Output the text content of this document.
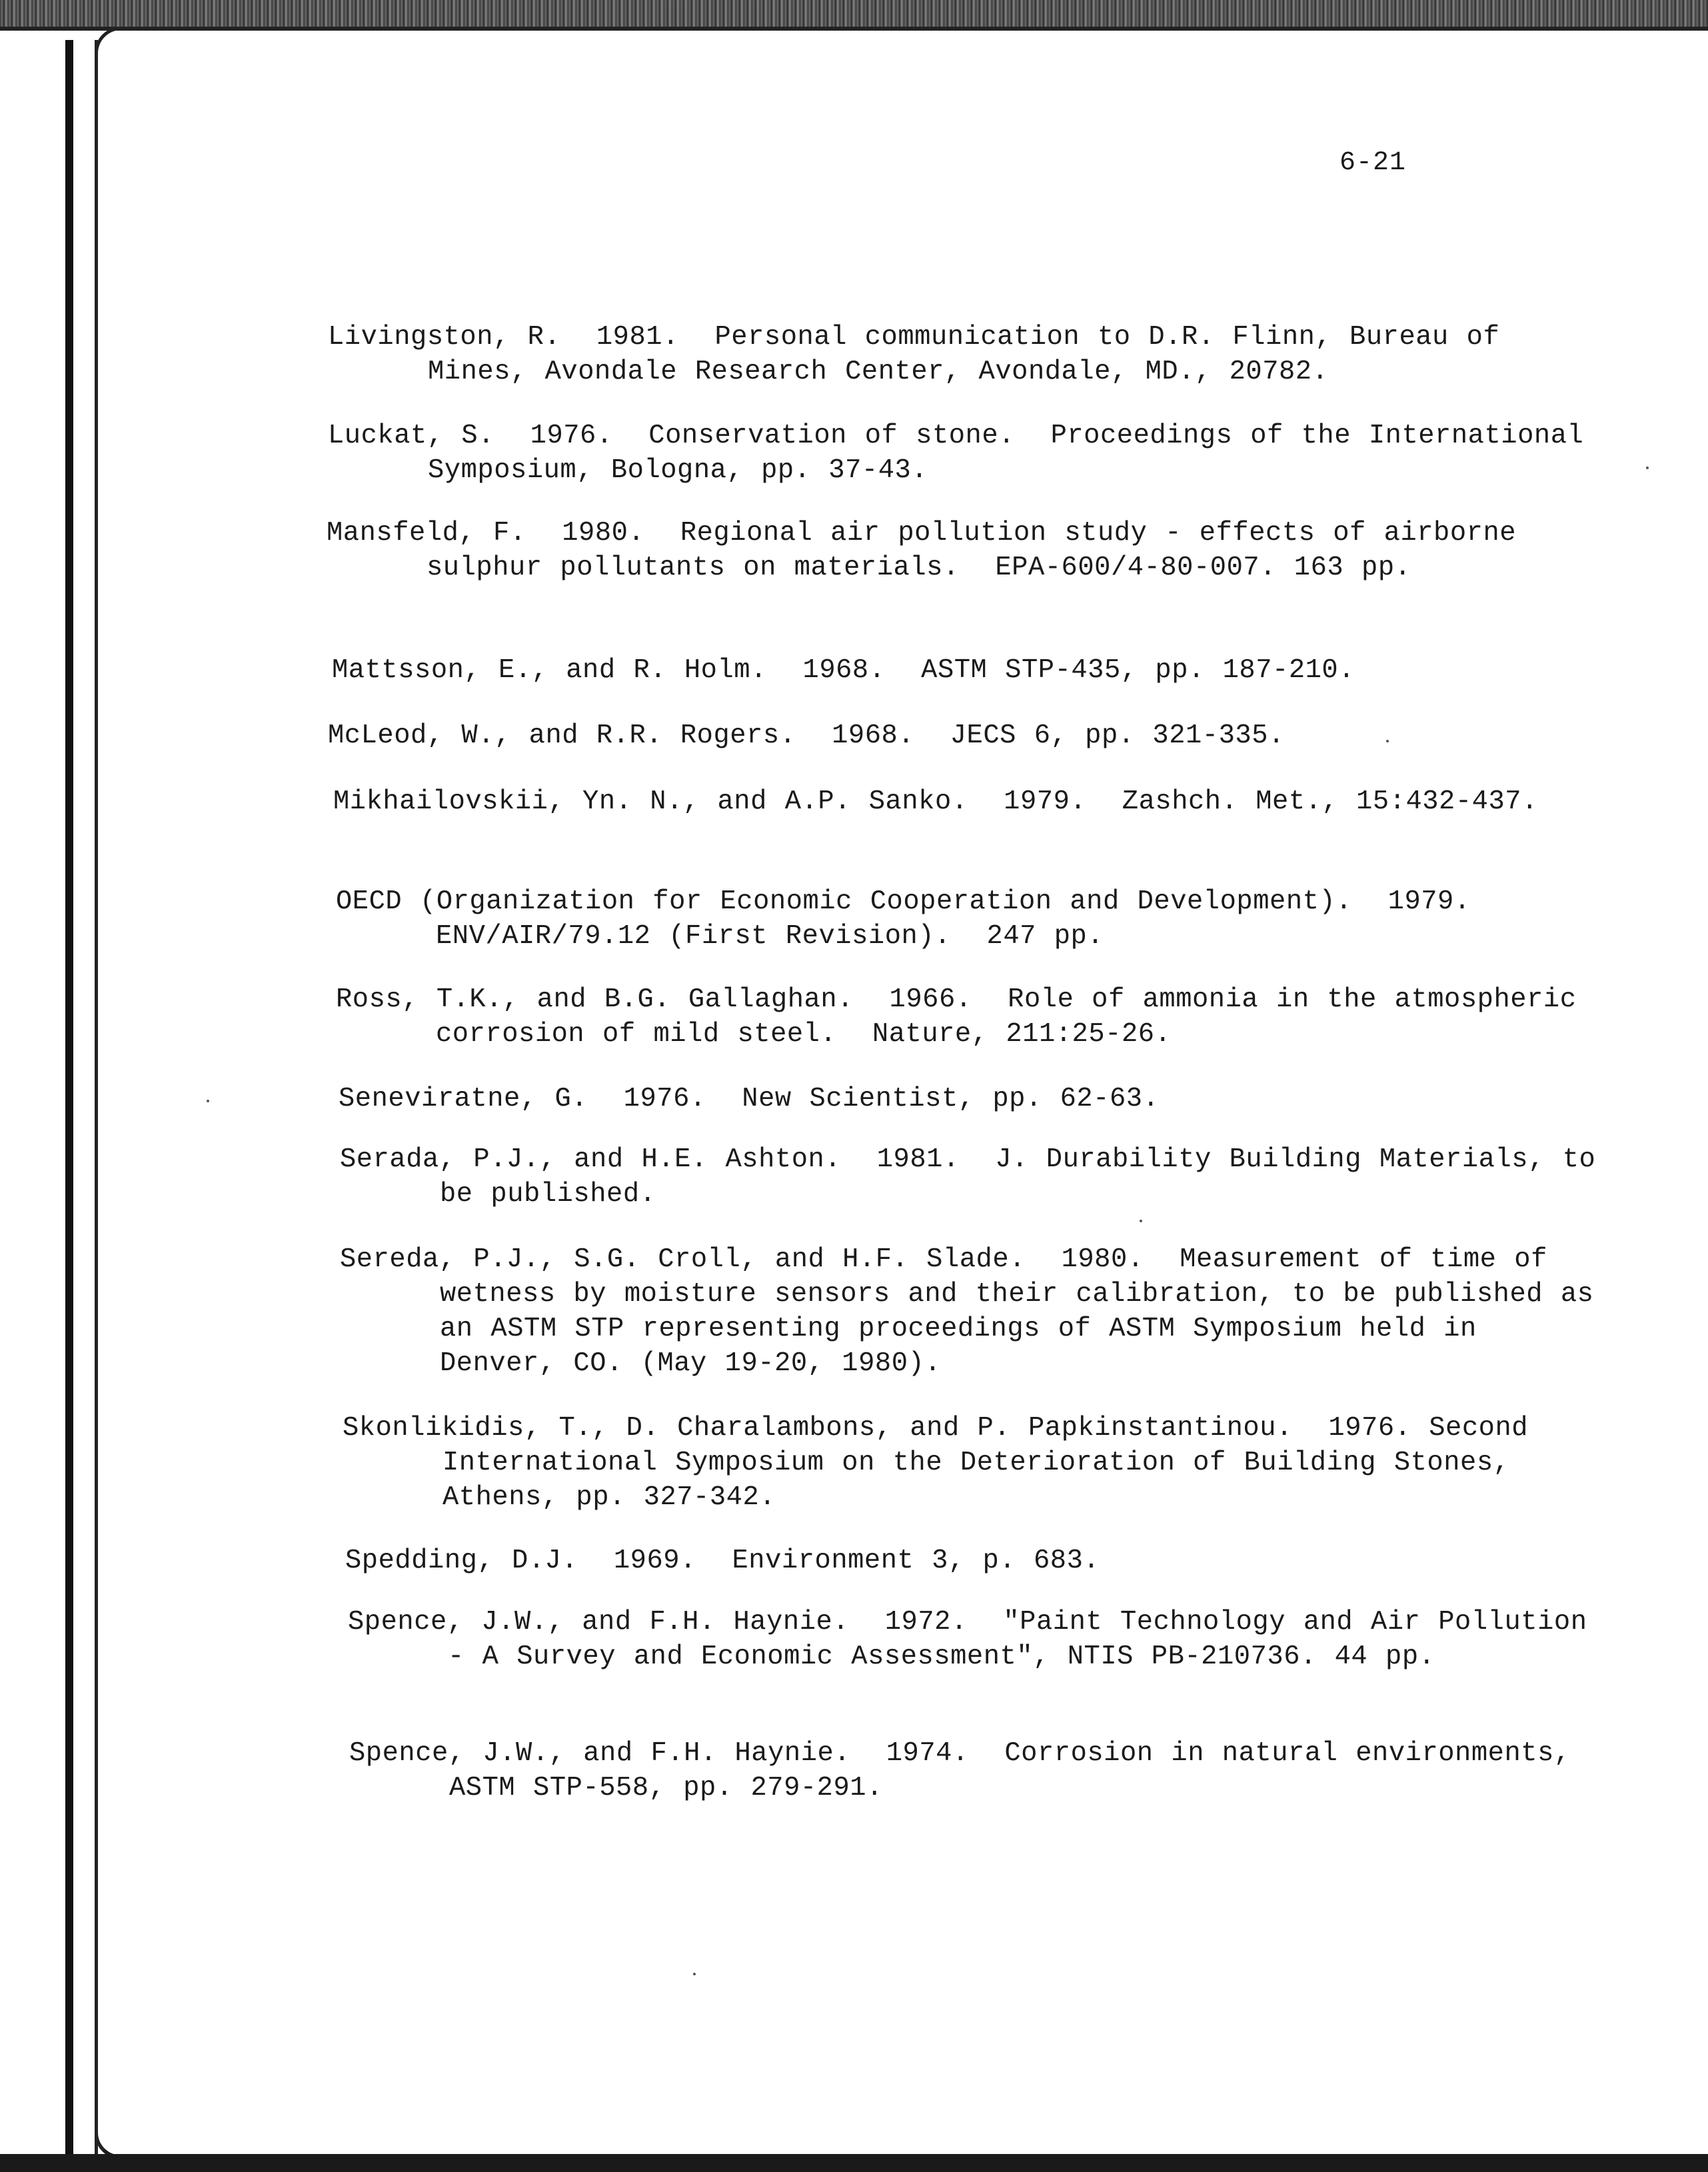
6-21
Livingston, R.  1981.  Personal communication to D.R. Flinn, Bureau of Mines, Avondale Research Center, Avondale, MD., 20782.
Luckat, S.  1976.  Conservation of stone.  Proceedings of the International Symposium, Bologna, pp. 37-43.
Mansfeld, F.  1980.  Regional air pollution study - effects of airborne sulphur pollutants on materials.  EPA-600/4-80-007. 163 pp.
Mattsson, E., and R. Holm.  1968.  ASTM STP-435, pp. 187-210.
McLeod, W., and R.R. Rogers.  1968.  JECS 6, pp. 321-335.
Mikhailovskii, Yn. N., and A.P. Sanko.  1979.  Zashch. Met., 15:432-437.
OECD (Organization for Economic Cooperation and Development).  1979. ENV/AIR/79.12 (First Revision).  247 pp.
Ross, T.K., and B.G. Gallaghan.  1966.  Role of ammonia in the atmospheric corrosion of mild steel.  Nature, 211:25-26.
Seneviratne, G.  1976.  New Scientist, pp. 62-63.
Serada, P.J., and H.E. Ashton.  1981.  J. Durability Building Materials, to be published.
Sereda, P.J., S.G. Croll, and H.F. Slade.  1980.  Measurement of time of wetness by moisture sensors and their calibration, to be published as an ASTM STP representing proceedings of ASTM Symposium held in Denver, CO. (May 19-20, 1980).
Skonlikidis, T., D. Charalambons, and P. Papkinstantinou.  1976. Second International Symposium on the Deterioration of Building Stones, Athens, pp. 327-342.
Spedding, D.J.  1969.  Environment 3, p. 683.
Spence, J.W., and F.H. Haynie.  1972.  "Paint Technology and Air Pollution - A Survey and Economic Assessment", NTIS PB-210736. 44 pp.
Spence, J.W., and F.H. Haynie.  1974.  Corrosion in natural environments, ASTM STP-558, pp. 279-291.
